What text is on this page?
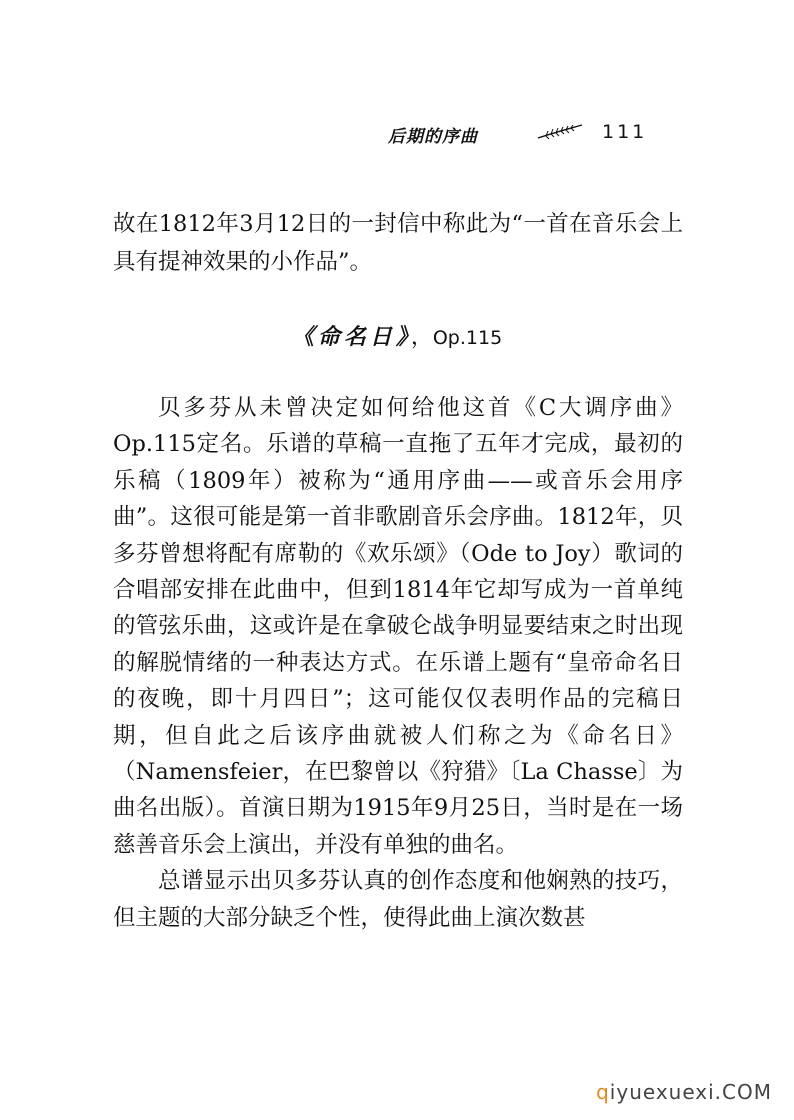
后期的序曲	111

故在1812年3月12日的一封信中称此为“一首在音乐会上具有提神效果的小作品”。

《命名日》，Op.115

贝多芬从未曾决定如何给他这首《C大调序曲》Op.115定名。乐谱的草稿一直拖了五年才完成，最初的乐稿（1809年）被称为“通用序曲——或音乐会用序曲”。这很可能是第一首非歌剧音乐会序曲。1812年，贝多芬曾想将配有席勒的《欢乐颂》（Ode to Joy）歌词的合唱部安排在此曲中，但到1814年它却写成为一首单纯的管弦乐曲，这或许是在拿破仑战争明显要结束之时出现的解脱情绪的一种表达方式。在乐谱上题有“皇帝命名日的夜晚，即十月四日”；这可能仅仅表明作品的完稿日期，但自此之后该序曲就被人们称之为《命名日》（Namensfeier，在巴黎曾以《狩猎》〔La Chasse〕为曲名出版）。首演日期为1915年9月25日，当时是在一场慈善音乐会上演出，并没有单独的曲名。

总谱显示出贝多芬认真的创作态度和他娴熟的技巧，但主题的大部分缺乏个性，使得此曲上演次数甚

qiyuexuexi.COM
